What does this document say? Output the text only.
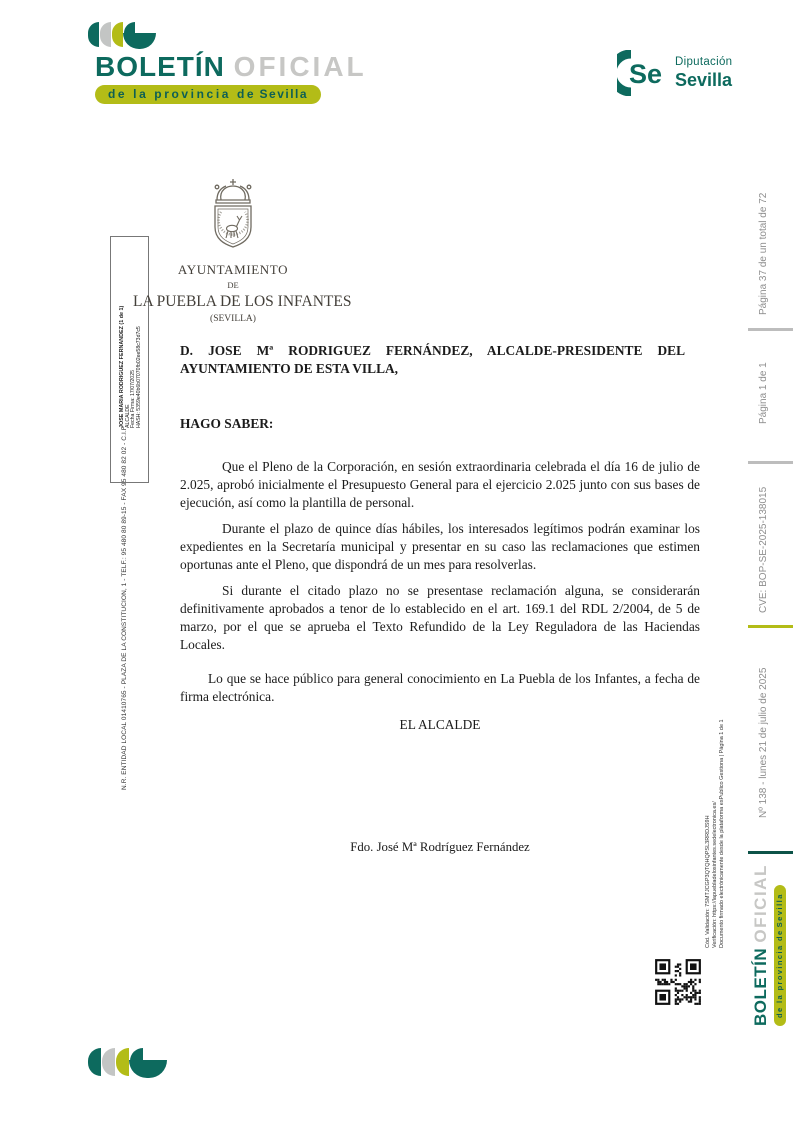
BOLETÍN OFICIAL
de la provincia de Sevilla
Se Diputación
Sevilla
Página 37 de un total de 72
Página 1 de 1
CVE: BOP-SE-2025-138015
Nº 138 - lunes 21 de julio de 2025
BOLETÍN OFICIAL
de la provincia de Sevilla
N.R. ENTIDAD LOCAL 01410765 - PLAZA DE LA CONSTITUCION, 1 - TELF.: 95 480 80 89-15 - FAX 95 480 82 02 - C.I.F.
JOSE MARIA RODRIGUEZ FERNANDEZ (1 de 1) ALCALDE Fecha Firma: 17/07/2025 HASH: 5359e40b6b07070fb02ee58c73d7c5
AYUNTAMIENTO
DE
LA PUEBLA DE LOS INFANTES
(SEVILLA)
D. JOSE Mª RODRIGUEZ FERNÁNDEZ, ALCALDE-PRESIDENTE DEL
AYUNTAMIENTO DE ESTA VILLA,
HAGO SABER:

Que el Pleno de la Corporación, en sesión extraordinaria celebrada el día 16 de julio de 2.025, aprobó inicialmente el Presupuesto General para el ejercicio 2.025 junto con sus bases de ejecución, así como la plantilla de personal.

Durante el plazo de quince días hábiles, los interesados legítimos podrán examinar los expedientes en la Secretaría municipal y presentar en su caso las reclamaciones que estimen oportunas ante el Pleno, que dispondrá de un mes para resolverlas.

Si durante el citado plazo no se presentase reclamación alguna, se considerarán definitivamente aprobados a tenor de lo establecido en el art. 169.1 del RDL 2/2004, de 5 de marzo, por el que se aprueba el Texto Refundido de la Ley Reguladora de las Haciendas Locales.

Lo que se hace público para general conocimiento en La Puebla de los Infantes, a fecha de firma electrónica.

EL ALCALDE
Fdo. José Mª Rodríguez Fernández	Cód. Validación: 7SMTJCGP3QTQHQPSL3RRDJS9H Verificación: https://lapuebladelosinfantes.sedelectronica.es/ Documento firmado electrónicamente desde la plataforma esPublico Gestiona | Página 1 de 1
